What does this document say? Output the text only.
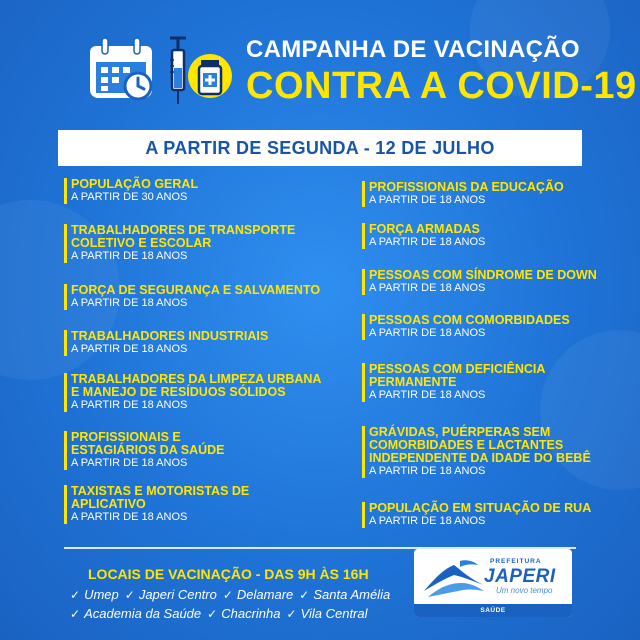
CAMPANHA DE VACINAÇÃO
CONTRA A COVID-19
A PARTIR DE SEGUNDA - 12 DE JULHO
POPULAÇÃO GERAL
A PARTIR DE 30 ANOS
TRABALHADORES DE TRANSPORTE COLETIVO E ESCOLAR
A PARTIR DE 18 ANOS
FORÇA DE SEGURANÇA E SALVAMENTO
A PARTIR DE 18 ANOS
TRABALHADORES INDUSTRIAIS
A PARTIR DE 18 ANOS
TRABALHADORES DA LIMPEZA URBANA E MANEJO DE RESÍDUOS SÓLIDOS
A PARTIR DE 18 ANOS
PROFISSIONAIS E ESTAGIÁRIOS DA SAÚDE
A PARTIR DE 18 ANOS
TAXISTAS E MOTORISTAS DE APLICATIVO
A PARTIR DE 18 ANOS
PROFISSIONAIS DA EDUCAÇÃO
A PARTIR DE 18 ANOS
FORÇA ARMADAS
A PARTIR DE 18 ANOS
PESSOAS COM SÍNDROME DE DOWN
A PARTIR DE 18 ANOS
PESSOAS COM COMORBIDADES
A PARTIR DE 18 ANOS
PESSOAS COM DEFICIÊNCIA PERMANENTE
A PARTIR DE 18 ANOS
GRÁVIDAS, PUÉRPERAS SEM COMORBIDADES E LACTANTES INDEPENDENTE DA IDADE DO BEBÊ
A PARTIR DE 18 ANOS
POPULAÇÃO EM SITUAÇÃO DE RUA
A PARTIR DE 18 ANOS
LOCAIS DE VACINAÇÃO - DAS 9H ÀS 16H
✓ Umep ✓ Japeri Centro ✓ Delamare ✓ Santa Amélia
✓ Academia da Saúde ✓ Chacrinha ✓ Vila Central
PREFEITURA
JAPERI
Um novo tempo
SAÚDE
